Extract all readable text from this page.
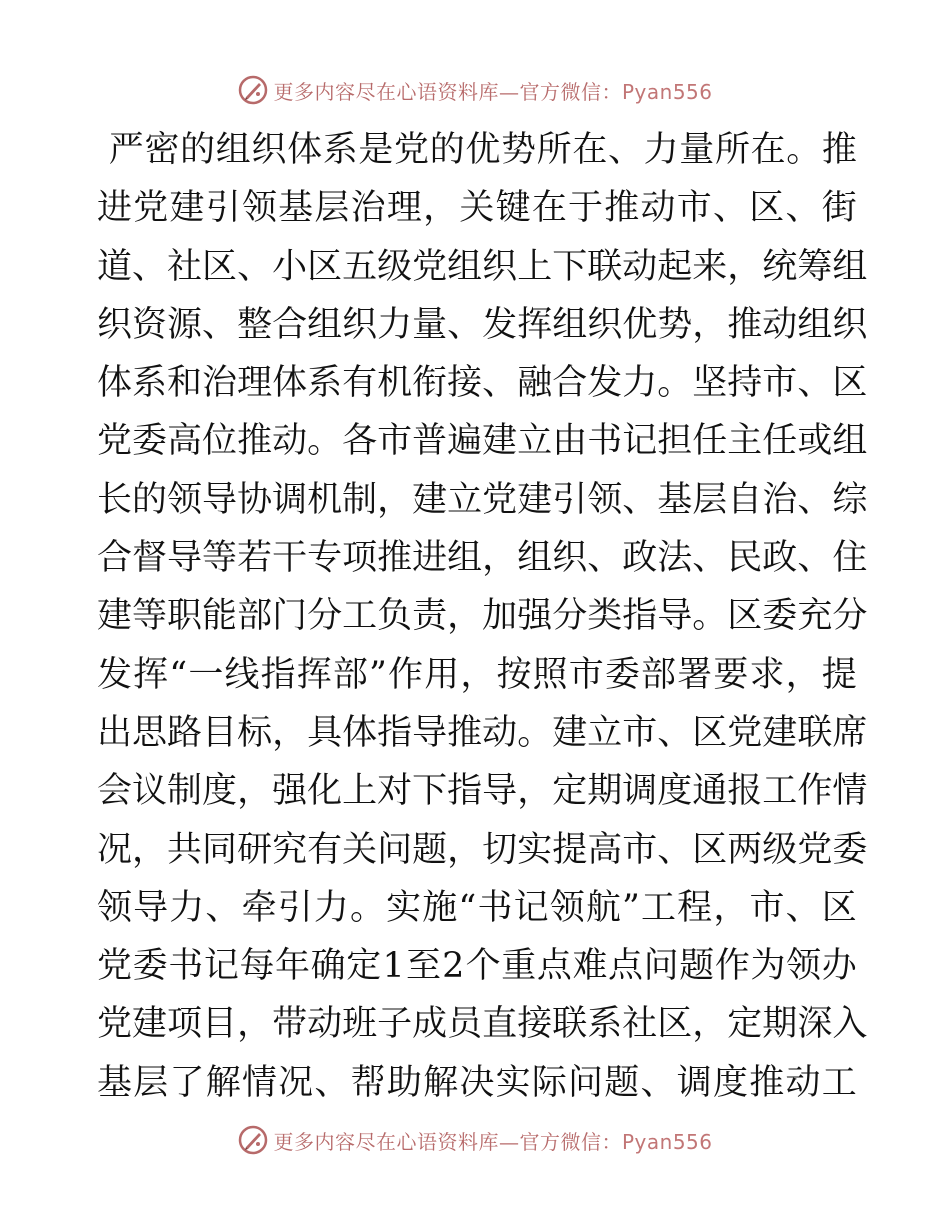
更多内容尽在心语资料库—官方微信：Pyan556

严 密 的 组 织 体 系 是 党 的 优 势 所 在 、 力 量 所 在 。 推
进 党 建 引 领 基 层 治 理 ， 关 键 在 于 推 动 市 、 区 、 街
道 、 社 区 、 小 区 五 级 党 组 织 上 下 联 动 起 来 ， 统 筹 组
织 资 源 、 整 合 组 织 力 量 、 发 挥 组 织 优 势 ， 推 动 组 织
体 系 和 治 理 体 系 有 机 衔 接 、 融 合 发 力 。 坚 持 市 、 区
党 委 高 位 推 动 。 各 市 普 遍 建 立 由 书 记 担 任 主 任 或 组
长 的 领 导 协 调 机 制 ， 建 立 党 建 引 领 、 基 层 自 治 、 综
合 督 导 等 若 干 专 项 推 进 组 ， 组 织 、 政 法 、 民 政 、 住
建 等 职 能 部 门 分 工 负 责 ， 加 强 分 类 指 导 。 区 委 充 分
发 挥 “ 一 线 指 挥 部 ” 作 用 ， 按 照 市 委 部 署 要 求 ， 提
出 思 路 目 标 ， 具 体 指 导 推 动 。 建 立 市 、 区 党 建 联 席
会 议 制 度 ， 强 化 上 对 下 指 导 ， 定 期 调 度 通 报 工 作 情
况 ， 共 同 研 究 有 关 问 题 ， 切 实 提 高 市 、 区 两 级 党 委
领 导 力 、 牵 引 力 。 实 施 “ 书 记 领 航 ” 工 程 ， 市 、 区
党 委 书 记 每 年 确 定 1 至 2 个 重 点 难 点 问 题 作 为 领 办
党 建 项 目 ， 带 动 班 子 成 员 直 接 联 系 社 区 ， 定 期 深 入
基 层 了 解 情 况 、 帮 助 解 决 实 际 问 题 、 调 度 推 动 工
更多内容尽在心语资料库—官方微信：Pyan556
